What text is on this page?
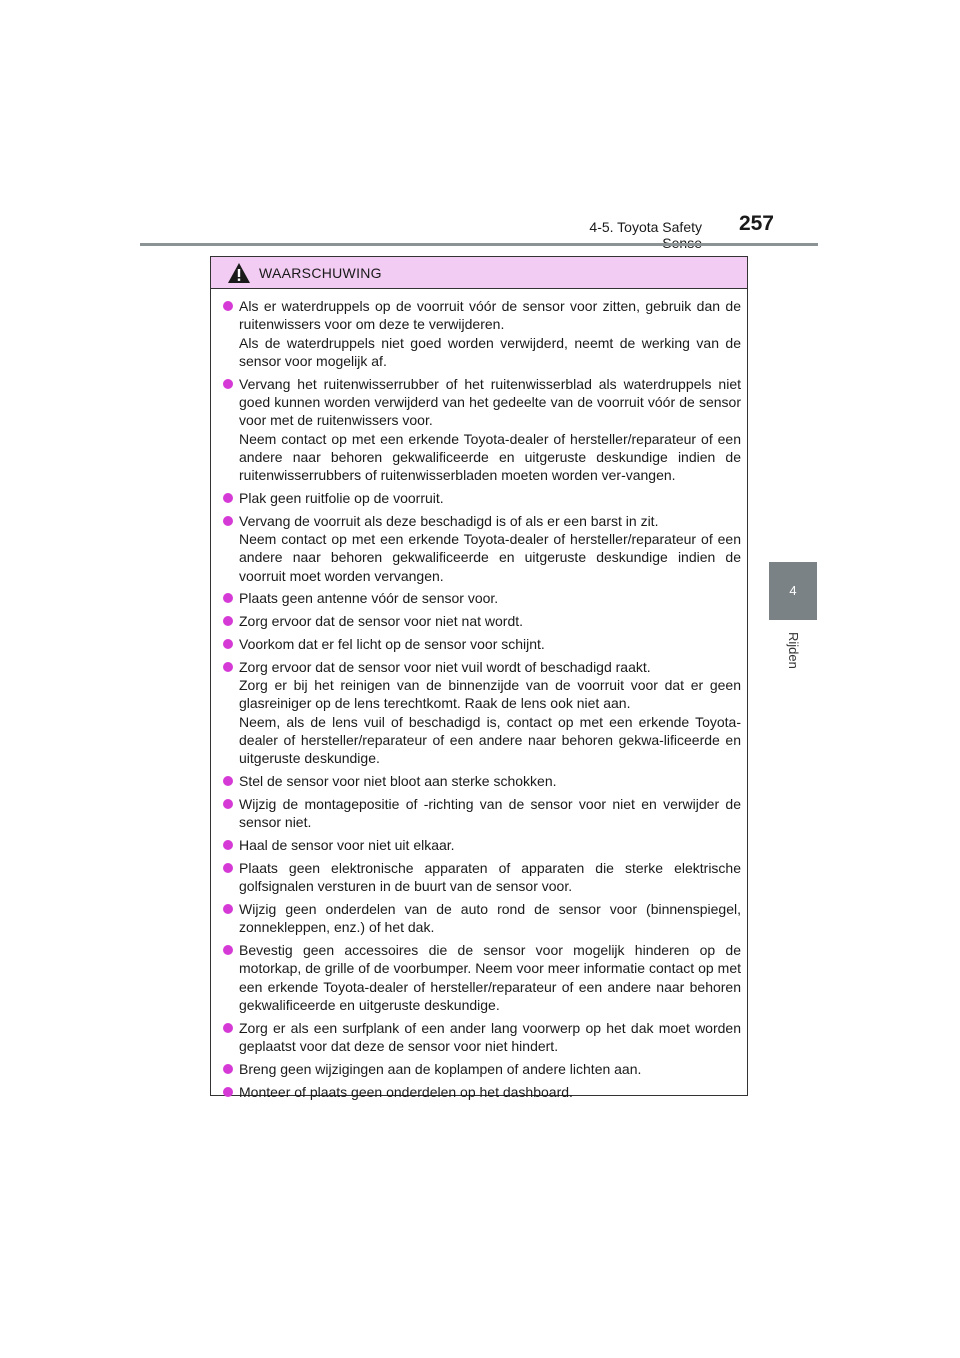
4-5. Toyota Safety	257
4
Rijden
WAARSCHUWING

Als er waterdruppels op de voorruit vóór de sensor voor zitten, gebruik dan de ruitenwissers voor om deze te verwijderen.

Als de waterdruppels niet goed worden verwijderd, neemt de werking van de sensor voor mogelijk af.

Vervang het ruitenwisserrubber of het ruitenwisserblad als waterdruppels niet goed kunnen worden verwijderd van het gedeelte van de voorruit vóór de sensor voor met de ruitenwissers voor.

Neem contact op met een erkende Toyota-dealer of hersteller/reparateur of een andere naar behoren gekwalificeerde en uitgeruste deskundige indien de ruitenwisserrubbers of ruitenwisserbladen moeten worden ver-vangen.

Plak geen ruitfolie op de voorruit.

Vervang de voorruit als deze beschadigd is of als er een barst in zit.

Neem contact op met een erkende Toyota-dealer of hersteller/reparateur of een andere naar behoren gekwalificeerde en uitgeruste deskundige indien de voorruit moet worden vervangen.

Plaats geen antenne vóór de sensor voor.

Zorg ervoor dat de sensor voor niet nat wordt.

Voorkom dat er fel licht op de sensor voor schijnt.

Zorg ervoor dat de sensor voor niet vuil wordt of beschadigd raakt.

Zorg er bij het reinigen van de binnenzijde van de voorruit voor dat er geen glasreiniger op de lens terechtkomt. Raak de lens ook niet aan.

Neem, als de lens vuil of beschadigd is, contact op met een erkende Toyota-dealer of hersteller/reparateur of een andere naar behoren gekwa-lificeerde en uitgeruste deskundige.

Stel de sensor voor niet bloot aan sterke schokken.

Wijzig de montagepositie of -richting van de sensor voor niet en verwijder de sensor niet.

Haal de sensor voor niet uit elkaar.

Plaats geen elektronische apparaten of apparaten die sterke elektrische golfsignalen versturen in de buurt van de sensor voor.

Wijzig geen onderdelen van de auto rond de sensor voor (binnenspiegel, zonnekleppen, enz.) of het dak.

Bevestig geen accessoires die de sensor voor mogelijk hinderen op de motorkap, de grille of de voorbumper. Neem voor meer informatie contact op met een erkende Toyota-dealer of hersteller/reparateur of een andere naar behoren gekwalificeerde en uitgeruste deskundige.

Zorg er als een surfplank of een ander lang voorwerp op het dak moet worden geplaatst voor dat deze de sensor voor niet hindert.

Breng geen wijzigingen aan de koplampen of andere lichten aan.

Monteer of plaats geen onderdelen op het dashboard.
